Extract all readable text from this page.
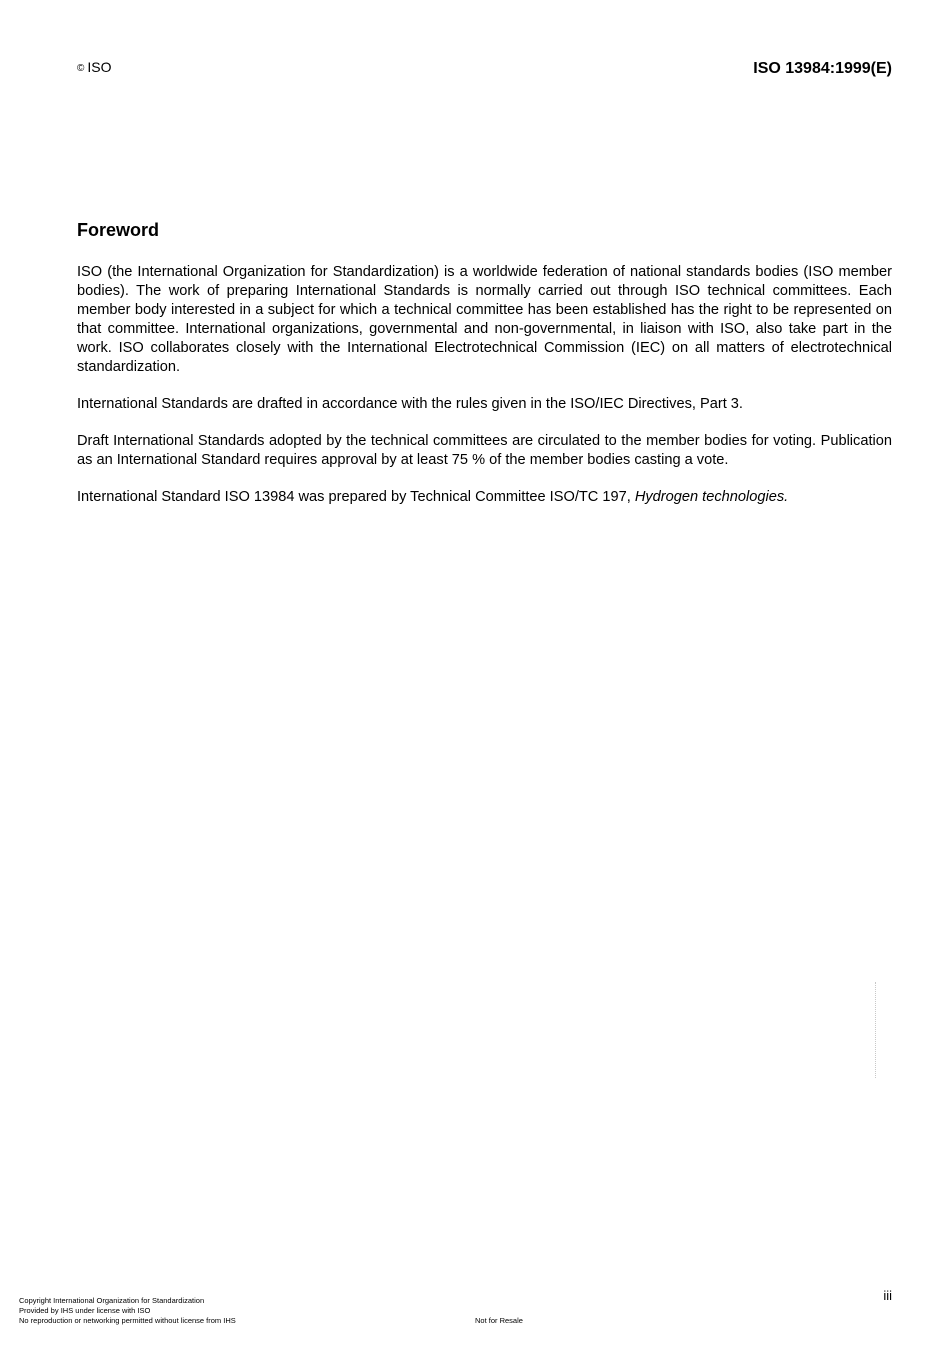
© ISO	ISO 13984:1999(E)
Foreword

ISO (the International Organization for Standardization) is a worldwide federation of national standards bodies (ISO member bodies). The work of preparing International Standards is normally carried out through ISO technical committees. Each member body interested in a subject for which a technical committee has been established has the right to be represented on that committee. International organizations, governmental and non-governmental, in liaison with ISO, also take part in the work. ISO collaborates closely with the International Electrotechnical Commission (IEC) on all matters of electrotechnical standardization.

International Standards are drafted in accordance with the rules given in the ISO/IEC Directives, Part 3.

Draft International Standards adopted by the technical committees are circulated to the member bodies for voting. Publication as an International Standard requires approval by at least 75 % of the member bodies casting a vote.

International Standard ISO 13984 was prepared by Technical Committee ISO/TC 197, Hydrogen technologies.

iii
Copyright International Organization for Standardization
Provided by IHS under license with ISO
No reproduction or networking permitted without license from IHS	Not for Resale
